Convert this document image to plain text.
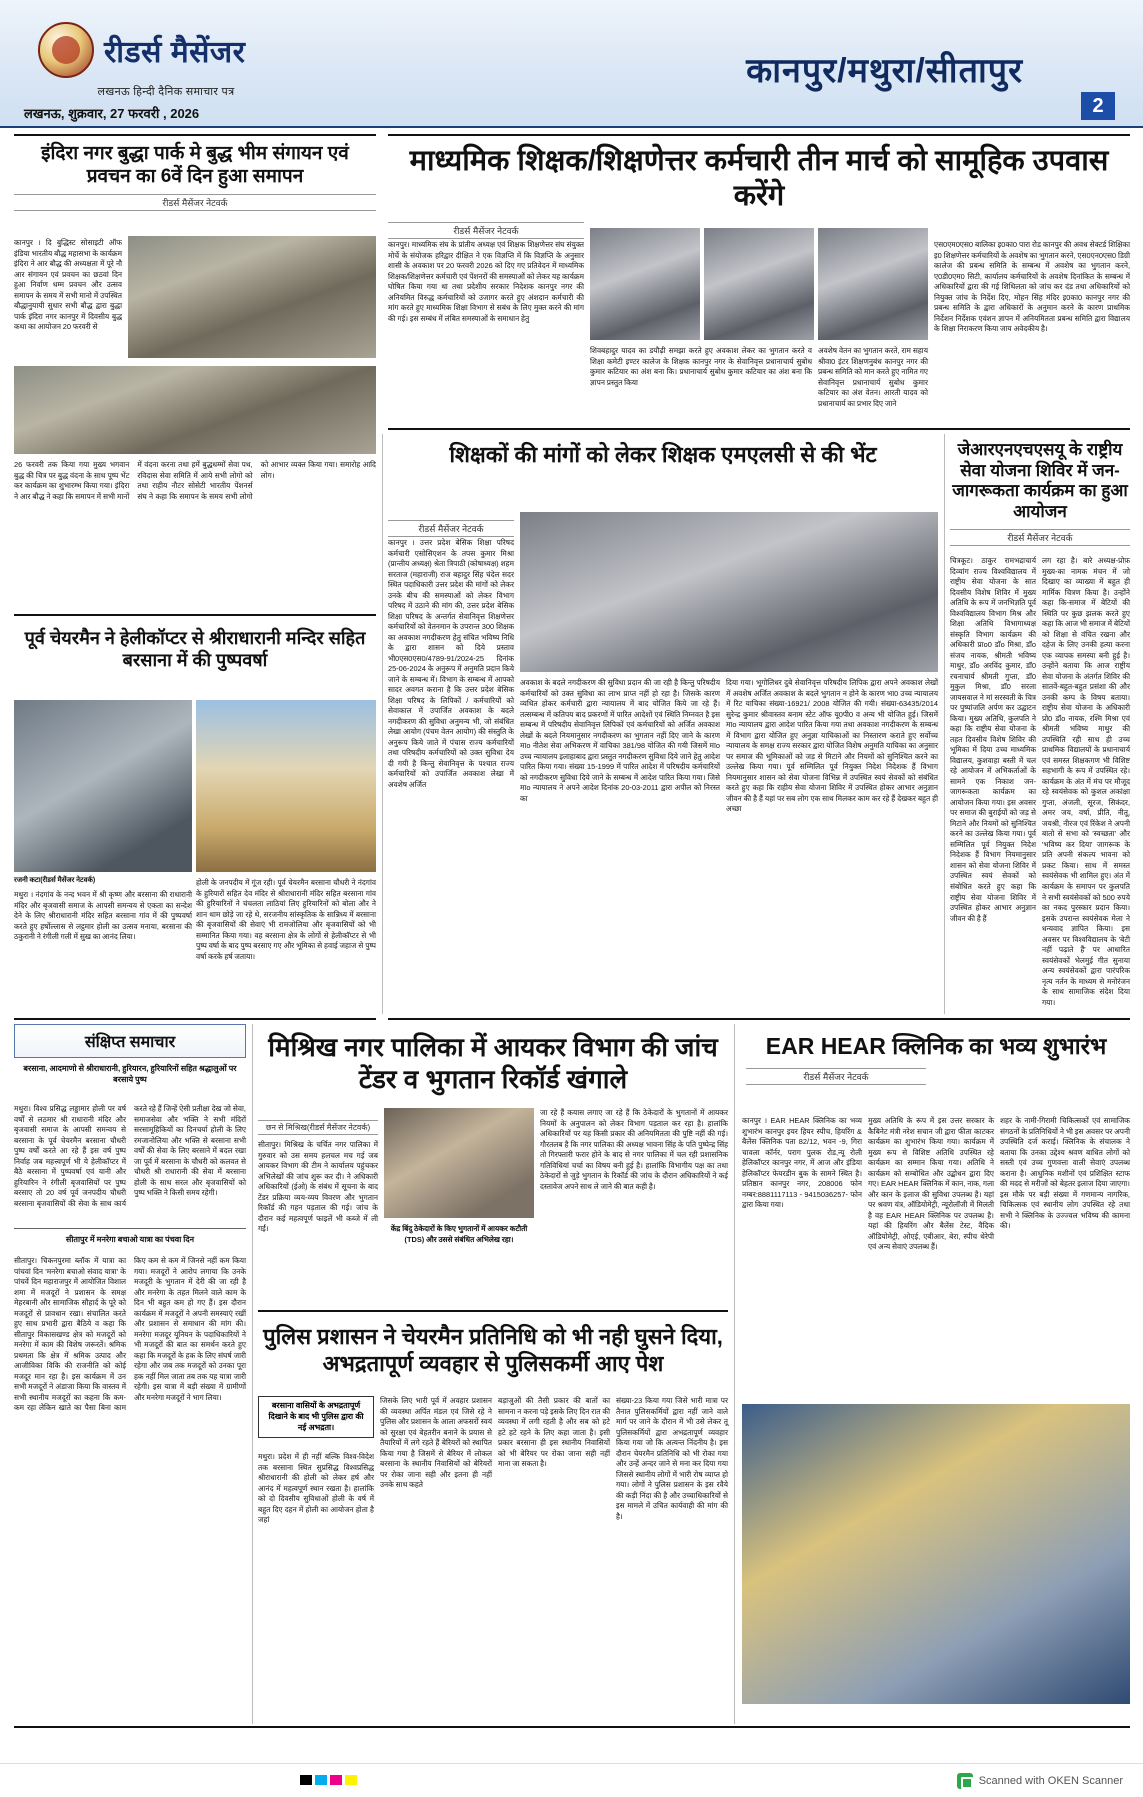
रीडर्स मैसेंजर
लखनऊ हिन्दी दैनिक समाचार पत्र
कानपुर/मथुरा/सीतापुर
लखनऊ, शुक्रवार, 27 फरवरी , 2026	2
इंदिरा नगर बुद्धा पार्क मे बुद्ध भीम संगायन एवं प्रवचन का 6वें दिन हुआ समापन
रीडर्स मैसेंजर नेटवर्क
कानपुर । दि बुद्धिस्ट सोसाइटी ऑफ इंडिया भारतीय बौद्ध महासभा के कार्यक्रम इंदिरा ने आर बौद्ध की अध्यक्षता में पूरे नौ आर संगायन एवं प्रवचन का छठवां दिन हुआ निर्वाण धम्म प्रवचन और उत्सव समापन के समय में सभी मानो में उपस्थित बौद्धानुयायी सुधार सभी बौद्ध द्वारा बुद्धा पार्क इंदिरा नगर कानपुर में दिवसीय बुद्ध कथा का आयोजन 20 फरवरी से
26 फरवरी तक किया गया मुख्य भगवान बुद्ध की चित्र पर बुद्ध वंदना के साथ पूष्प भेंट कर कार्यक्रम का शुभारम्भ किया गया। इंदिरा ने आर बौद्ध ने कहा कि समापन में सभी मानों में वंदना करना तथा हमें बुद्धधम्मों सेवा पथ, रविदास सेवा समिति में आये सभी लोगो को तथा राहीय नौटर सोसेटी भारतीय पेंशनर्स संघ ने कहा कि समापन के समय सभी लोगो को आभार व्यक्त किया गया। समारोह आदि लोग।
माध्यमिक शिक्षक/शिक्षणेत्तर कर्मचारी तीन मार्च को सामूहिक उपवास करेंगे
रीडर्स मैसेंजर नेटवर्क
कानपुर। माध्यमिक संघ के प्रांतीय अध्यक्ष एवं शिक्षक शिक्षणेत्तर संघ संयुक्त मोर्चे के संयोजक हरिद्वार दीक्षित ने एक विज्ञप्ति में कि विज्ञप्ति के अनुसार शासी के अवकाश पर 20 फरवरी 2026 को दिए गए प्रतिवेदन में माध्यमिक शिक्षक/शिक्षणेत्तर कर्मचारी एवं पेंशनरों की समस्याओं को लेकर यह कार्यक्रम घोषित किया गया था तथा प्रदेशीय सरकार निदेशक कानपुर नगर की अनियमित विरुद्ध कर्मचारियों को उजागर करते हुए अंशदान कर्मचारी की मांग करते हुए माध्यमिक शिक्षा विभाग से सबंध के लिए मुक्त करने की मांग की गई। इस सम्बंध में लंबित समस्याओं के समाधान हेतु
शिवबहादुर यादव का डयौढ़ी समझा करते हुए अवकाश लेकर का भुगतान करते व शिक्षा कमेटी इण्टर कालेज के शिक्षक कानपुर नगर के सेवानिवृत्त प्रधानाचार्य सुबोध कुमार कटियार का अंश बना कि। प्रधानाचार्य सुबोध कुमार कटियार का अंश बना कि ज्ञापन प्रस्तुत किया
अवशेष वेतन का भुगतान करते, राम सहाय श्रीवा0 इंटर शिक्षणनुबंध कानपुर नगर की प्रबन्ध समिति को मान करते हुए नामित गए सेवानिवृत्त प्रधानाचार्य सुबोध कुमार कटियार का अंश वेतन। आरती यादव को प्रधानाचार्य का प्रभार दिए जाने
एस0एम0एस0 बालिका इ0का0 पारा रोड कानपुर की अवध सेक्टर्ड शिक्षिका इ0 शिक्षणेत्तर कर्मचारियों के अवशेष का भुगतान करने, एस0एन0एस0 डिग्री कालेज की प्रबन्ध समिति के सम्बन्ध में अवशेष का भुगतान करने, ए0डी0एम0 सिटी, कार्यालय कर्मचारियों के अवशेष दिनांकित के सम्बन्ध में अधिकारियों द्वारा की गई शिथिलता को जांच कर दंड तथा अधिकारियों को नियुक्त जांच के निर्देश दिए, मोहन सिंह मंदिर इ0का0 कानपुर नगर की प्रबन्ध समिति के द्वारा अधिकारों के अनुमान करने के कारण प्राथमिक निर्देशन निर्देशक एवंशन ज्ञापन में अनियमितता प्रबन्ध समिति द्वारा विद्यालय के शिक्षा निराकरण किया जाय अवेदकीय है।
शिक्षकों की मांगों को लेकर शिक्षक एमएलसी से की भेंट
रीडर्स मैसेंजर नेटवर्क
कानपुर । उत्तर प्रदेश बेसिक शिक्षा परिषद कर्मचारी एसोसिएशन के तपस कुमार मिश्रा (प्रान्तीय अध्यक्ष) श्रेता त्रिपाठी (कोषाध्यक्ष) शहम सरताज (महाराजी) राज बहादुर सिंह चंदेल सदर स्थित पदाधिकारी उत्तर प्रदेश की मांगों को लेकर उनके बीच की समस्याओं को लेकर विभाग परिषद में उठाने की मांग की, उत्तर प्रदेश बेसिक शिक्षा परिषद के अन्तर्गत सेवानिवृत्त शिक्षणेत्तर कर्मचारियों को वेतनमान के उपरान्त 300 शिक्षक का अवकाश नगदीकरण हेतु संचित भविष्य निधि के द्वारा शासन को दिये प्रस्ताव भी0एस0एस0/4789-91/2024-25 दिनांक 25-06-2024 के अनुरूप में अनुमति प्रदान किये जाने के सम्बन्ध में। विभाग के सम्बन्ध में आपको सादर अवगत कराना है कि उत्तर प्रदेश बेसिक शिक्षा परिषद के लिपिकों / कर्मचारियों को सेवाकाल में उपार्जित अवकाश के बदले नगदीकरण की सुविधा अनुमन्य भी, जो संबंधित लेखा आयोग (पंचम वेतन आयोग) की संस्तुति के अनुरूप किये जाते में पंचास राज्य कर्मचारियों तथा परिषदीय कर्मचारियों को उक्त सुविधा देय दी गयी है किन्तु सेवानिवृत्त के पश्चात राज्य कर्मचारियों को उपार्जित अवकाश लेखा में अवशेष अर्जित
अवकाश के बदले नगदीकरण की सुविधा प्रदान की जा रही है किन्तु परिषदीय कर्मचारियों को उक्त सुविधा का लाभ प्राप्त नहीं हो रहा है। जिसके कारण व्यथित होकर कर्मचारी द्वारा न्यायालय में बाद योजित किये जा रहे हैं। तत्सम्बन्ध में कतिपय बाद प्रकरणों में पारित आदेशों एवं स्थिति निम्नवत है इस सम्बन्ध में परिषदीय सेवानिवृत्त लिपिकों एवं कर्मचारियों को अर्जित अवकाश लेखों के बदले नियमानुसार नगदीकरण का भुगतान नहीं दिए जाने के कारण माo नीतेश सेवा अभिकरण में वाचिका 381/98 योजित की गयी जिसमें माo उच्च न्यायालय इलाहाबाद द्वारा प्रस्तुत नगदीकरण सुविधा दिये जाने हेतु आदेश पारित किया गया। संख्या 15-1999 में पारित आदेश में परिषदीय कर्मचारियों को नगदीकरण सुविधा दिये जाने के सम्बन्ध में आदेश पारित किया गया। जिसे माo न्यायालय ने अपने आदेश दिनांक 20-03-2011 द्वारा अपील को निरस्त का
दिया गया। भूगोलिधर दुबे सेवानिवृत्त परिषदीय लिपिक द्वारा अपने अवकाश लेखों में अवशेष अर्जित अवकाश के बदले भुगतान न होने के कारण भा0 उच्च न्यायालय में रिट याचिका संख्या-16921/ 2008 योजित की गयी। संख्या-63435/2014 सुरेन्द्र कुमार श्रीवास्तव बनाम स्टेट ऑफ यू0पी0 व अन्य भी योजित हुई। जिसमें माo न्यायालय द्वारा आदेश पारित किया गया तथा अवकाश नगदीकरण के सम्बन्ध में विभाग द्वारा योजित हुए अनुज्ञा याचिकाओं का निस्तारण कराते हुए सर्वोच्च न्यायालय के समक्ष राज्य सरकार द्वारा योजित विशेष अनुमति याचिका का अनुसार पर समाज की भूमिकाओं को जड़ से मिटाने और नियमों को सुनिश्चित करने का उल्लेख किया गया। पूर्व सम्मिलित पूर्व नियुक्त निदेश निदेशक हैं विभाग नियमानुसार शासन को सेवा योजना विभिन्न में उपस्थित स्वयं सेवकों को संबंधित करते हुए कहा कि राहीय सेवा योजना शिविर में उपस्थित होकर आभार अनुज्ञान जीवन की है हैं यहां पर सब लोग एक साथ मिलकर काम कर रहे हैं देखकर बहुत ही अच्छा
जेआरएनएचएसयू के राष्ट्रीय सेवा योजना शिविर में जन-जागरूकता कार्यक्रम का हुआ आयोजन
रीडर्स मैसेंजर नेटवर्क
चित्रकूट। ठाकुर रामभद्राचार्य दिव्यांग राज्य विश्वविद्यालय में राष्ट्रीय सेवा योजना के सात दिवसीय विशेष शिविर में मुख्य अतिथि के रूप में जनभिज्ञति पूर्व विश्वविद्यालय विभाग मिश्र और शिक्षा अतिथि विभागाध्यक्ष संस्कृति विभाग कार्यक्रम की अधिकारी प्राo0 डॉo मिश्रा, डॉo संजय नायक, श्रीमती भविष्य माथुर, डॉo अरविंद कुमार, डॉ0 रचनाचार्य श्रीमती गुप्ता, डॉ0 मुकुल मिश्रा, डॉ0 सरला जायसवाल ने मां सरस्वती के चित्र पर पुष्पांजलि अर्पण कर उद्घाटन किया। मुख्य अतिथि, कुलपति ने कहा कि राष्ट्रीय सेवा योजना के तहत दिवसीय विशेष शिविर की भूमिका में दिया उच्च माध्यमिक विद्यालय, कुशवाहा बस्ती में चल रहे आयोजन में अभिकर्ताओं के सामने एक निकाश जन-जागरूकता कार्यक्रम का आयोजन किया गया। इस अवसर पर समाज की बुराईयों को जड़ से मिटाने और नियमों को सुनिश्चित करने का उल्लेख किया गया। पूर्व सम्मिलित पूर्व नियुक्त निदेश निदेशक हैं विभाग नियमानुसार शासन को सेवा योजना शिविर में उपस्थित स्वयं सेवकों को संबोधित करते हुए कहा कि राष्ट्रीय सेवा योजना शिविर में उपस्थित होकर आभार अनुज्ञान जीवन की है हैं
लग रहा है। बारे अध्यक्ष-प्रोफ़ मुख्य-का नामक मंचन में जो दिखाए का व्याख्या में बहुत ही मार्मिक चित्रण किया है। उन्होंने कहा कि-समाज में बेटियों की स्थिति पर कुछ झलक करते हुए कहा कि आज भी समाज में बेटियों को शिक्षा से वंचित रखना और दहेज के लिए उनकी हत्या करना एक व्यापक समस्या बनी हुई है। उन्होंने बताया कि आज राष्ट्रीय सेवा योजना के अंतर्गत शिविर की सातवें-बहुत-बहुत प्रसंशा की और उनकी कम्प के विषय बताया। राष्ट्रीय सेवा योजना के अधिकारी प्रो0 डॉo नायक, रश्मि मिश्रा एवं श्रीमती भविष्य माथुर की उपस्थिति रही साथ ही उच्च प्राथमिक विद्यालयों के प्रधानाचार्य एवं समस्त शिक्षकगण भी विशिष्ट सहभागी के रूप में उपस्थित रहे। कार्यक्रम के अंत में मंच पर मौजूद रहे स्वयंसेवक को कुशल अकांक्षा गुप्ता, अंजली, सूरज, सिकंदर, अमर जय, वर्षा, प्रीति, नीतू, जयश्री, नीरज एवं रिंकेश ने अपनी बातो से सभा को 'स्वच्छता' और 'भविष्य कर दिया' जागरूक के प्रति अपनी संकल्प भावना को प्रकट किया। साथ में समस्त स्वयंसेवक भी शामिल हुए। अंत में कार्यक्रम के समापन पर कुलपति ने सभी स्वयंसेवकों को 500 रुपये का नकद पुरस्कार प्रदान किया। इसके उपरान्त स्वयंसेवक मेला ने धन्यवाद ज्ञापित किया। इस अवसर पर विश्वविद्यालय के 'बेटी नहीं पढ़ाते हैं' पर आधारित स्वयंसेवकों भेलमुई गीत सुनाया अन्य स्वयंसेवकों द्वारा पारंपरिक नृत्य नर्तन के माध्यम से मनोरंजन के साथ सामाजिक संदेश दिया गया।
पूर्व चेयरमैन ने हेलीकॉप्टर से श्रीराधारानी मन्दिर सहित बरसाना में की पुष्पवर्षा
रजनी कटा(रीडर्स मैसेंजर नेटवर्क)
मथुरा । नंदगांव के नन्द भवन में श्री कृष्ण और बरसाना की राधारानी मंदिर और बृजवासी समाज के आपसी समन्वय से एकता का सन्देश देने के लिए श्रीराधारानी मंदिर सहित बरसाना गांव में की पुष्पवर्षा करते हुए हर्षोल्लास से लट्ठमार होली का उत्सव मनाया, बरसाना की ठकुरानी ने रंगीली गली में सुख का आनंद लिया।
होली के जनपदीय में गूंज रही। पूर्व चेयरमैन बरसाना चौधरी ने नंदगांव के हुरियारों सहित देव मंदिर से श्रीराधारानी मंदिर सहित बरसाना गांव की हुरियारिनों ने चंचलता लाठियां लिए हुरियारिनों को बोला और ने शान थाम छोड़े जा रहे थे, सरजनीय सांस्कृतिक के सान्निध्य में बरसाना की बृजवासियों की सेवाएं भी रामजोलिया और बृजवासियों को भी सम्मानित किया गया। वह बरसाना क्षेत्र के लोगों से हेलीकॉप्टर से भी पुष्प वर्षा के बाद पुष्प बरसाए गए और भूमिका से हवाई जहाज से पुष्प वर्षा करके हर्ष जताया।
संक्षिप्त समाचार
बरसाना, आदमाणो से श्रीराधारानी, हुरियारन, हुरियारिनों सहित श्रद्धालुओं पर बरसाये पुष्प
मथुरा। विश्व प्रसिद्ध लड्डामार होली पर वर्ष वर्षों से लठमार श्री राधारानी मंदिर और बृजवासी समाज के आपसी समन्वय से बरसाना के पूर्व चेयरमैन बरसाना चौधरी पुष्प वर्षों करते आ रहे हैं इस वर्ष पुष्प निर्वाह जब महत्त्वपूर्ण भी ये हेलीकॉप्टर में बैठे बरसाना में पुष्पवर्षा एवं यानी और हुरियारिन ने रंगीली बृजवासियों पर पुष्प बरसाए तो 20 वर्ष पूर्व जनपदीय चौधरी बरसाना बृजवासियों की सेवा के साथ कार्य करते रहे हैं जिन्हें ऐसी प्रतीक्षा देख जो सेवा, समाजसेवा और भक्ति ने सभी मंदिरों सरसामूहिकियों का दिनचर्या होली के लिए रमजानोलिया और भक्ति से बरसाना सभी वर्षों की सेवा के लिए बरसाने में बदल रखा जा पूर्व में बरसाना के चौधरी को कलवत से चौधरी श्री राधारानी की सेवा में बरसाना होली के साथ सरल और बृजवासियों को पुष्प भक्ति ने किसी समय रहेगी।
सीतापुर में मनरेगा बचाओ यात्रा का पंचवा दिन
सीतापुर। चिकनपुरमा ब्लॉक में यात्रा का पांचवां दिन 'मनरेगा बचाओ संवाद यात्रा' के पांचवें दिन महाराजपुर में आयोजित विशाल शमा में मजदूरों ने प्रशासन के समक्ष मेहरबानी और सामाजिक सौहार्द के पूरे को मजदूरों से प्रावधान रखा। संचालित करते हुए साथ प्रभारी द्वारा बैठिये व कहा कि सीतापुर विकासखण्ड क्षेत्र को मजदूरों को मनरेगा में काम की विशेष जरूरतें। श्रमिक प्रथमता कि क्षेत्र में श्रमिक उत्पाद और आजीविका विकि की राजनीति को कोई मजदूर मान रहा है। इस कार्यक्रम में उन सभी मजदूरों ने अंडाजा किया कि वास्तव में सभी स्थानीय मजदूरों का कहना कि कम-कम रहा लेकिन खाते का पैसा बिना काम किए कम से कम में जिनसे नहीं कम किया गया। मजदूरों ने आरोप लगाया कि उनके मजदूरी के भुगतान में देरी की जा रही है और मनरेगा के तहत मिलने वाले काम के दिन भी बहुत कम हो गए हैं। इस दौरान कार्यक्रम में मजदूरों ने अपनी समस्याएं रखीं और प्रशासन से समाधान की मांग की। मनरेगा मजदूर यूनियन के पदाधिकारियों ने भी मजदूरों की बात का समर्थन करते हुए कहा कि मजदूरों के हक के लिए संघर्ष जारी रहेगा और जब तक मजदूरों को उनका पूरा हक नहीं मिल जाता तब तक यह यात्रा जारी रहेगी। इस यात्रा में बड़ी संख्या में ग्रामीणों और मनरेगा मजदूरों ने भाग लिया।
मिश्रिख नगर पालिका में आयकर विभाग की जांच टेंडर व भुगतान रिकॉर्ड खंगाले
छन से मिश्रिख(रीडर्स मैसेंजर नेटवर्क)
सीतापुर। मिश्रिख के चर्चित नगर पालिका में गुरुवार को उस समय हलचल मच गई जब आयकर विभाग की टीम ने कार्यालय पहुंचकर अभिलेखों की जांच शुरू कर दी। ने अधिकारी अधिकारियों (ईओ) के संबंध में सूचना के बाद टेंडर प्रक्रिया व्यय-व्यय विवरण और भुगतान रिकॉर्ड की गहन पड़ताल की गई। जांच के दौरान कई महत्वपूर्ण फाइलें भी कब्जे में ली गईं।	केंद्र बिंदु ठेकेदारों के किए भुगतानों में आयकर कटौती (TDS) और उससे संबंधित अभिलेख रहा।
जा रहे हैं कयास लगाए जा रहे हैं कि ठेकेदारों के भुगतानों में आयकर नियमों के अनुपालन को लेकर विभाग पड़ताल कर रहा है। हालांकि अधिकारियों पर यह किसी प्रकार की अनियमितता की पुष्टि नहीं की गई। गौरतलब है कि नगर पालिका की अध्यक्ष भावना सिंह के पति पुष्पेन्द्र सिंह तो गिरफ्तारी फरार होने के बाद से नगर पालिका में चल रही प्रशासनिक गतिविधियां चर्चा का विषय बनी हुई है। हालांकि विभागीय पक्ष का तथा ठेकेदारों से जुड़े भुगतान के रिकॉर्ड की जांच के दौरान अधिकारियों ने कई दस्तावेज अपने साथ ले जाने की बात कही है।
पुलिस प्रशासन ने चेयरमैन प्रतिनिधि को भी नही घुसने दिया, अभद्रतापूर्ण व्यवहार से पुलिसकर्मी आए पेश
बरसाना वासियों के अभद्रतापूर्ण दिखाने के बाद भी पुलिस द्वारा की नई अभद्रता।
मथुरा। प्रदेश में ही नहीं बल्कि विश्व-विदेश तक बरसाना स्थित सुप्रसिद्ध विश्वप्रसिद्ध श्रीराधारानी की होली को लेकर हर्ष और आनंद में महत्वपूर्ण स्थान रखता है। हालांकि को दो दिवसीय सुविधाओं होली के वर्ष में बहुत दिए दहन में होली का आयोजन होता है जहां
जिसके लिए भारी पूर्व में अवहार प्रशासन की व्यवस्था अर्पित मंडल एवं जिसे रहे ने पुलिस और प्रशासन के आला अफसरों स्वयं को सुरक्षा एवं बेहतरीन बनाने के प्रयास से तैयारियों में लगे रहते हैं बेरियरों को स्थापित किया गया है जिसमें से बेरियर में लोकल बरसाना के स्थानीय निवासियों को बेरियरों पर रोका जाना सही और इतना ही नहीं उनके साथ कहते
बड़ाजुओं की तैसी प्रकार की बातों का सामना न करना पड़े इसके लिए दिन रात की व्यवस्था में लगी रहती है और सब को हटे हटे हटे रहने के लिए कहा जाता है। इसी प्रकार बरसाना ही इस स्थानीय निवासियों को भी बेरियर पर रोका जाना सही नहीं माना जा सकता है।
संख्या-23 किया गया जिसे भारी मात्रा पर तैनात पुलिसकर्मियों द्वारा नहीं जाने वाले मार्ग पर जाने के दौरान में भी उसे लेकर तू पुलिसकर्मियों द्वारा अभद्रतापूर्ण व्यवहार किया गया जो कि अत्यन्त निंदनीय है। इस दौरान चेयरमैन प्रतिनिधि को भी रोका गया और उन्हें अन्दर जाने से मना कर दिया गया जिससे स्थानीय लोगों में भारी रोष व्याप्त हो गया। लोगों ने पुलिस प्रशासन के इस रवैये की कड़ी निंदा की है और उच्चाधिकारियों से इस मामले में उचित कार्यवाही की मांग की है।
EAR HEAR क्लिनिक का भव्य शुभारंभ
रीडर्स मैसेंजर नेटवर्क
कानपुर । EAR HEAR क्लिनिक का भव्य शुभारंभ कानपुर इयर हियर स्पीच, हियरिंग & बैलेंस क्लिनिक पता 82/12, भवन -9, गिरा चावला कॉर्नर, पराग पुलक रोड,न्यू रोली हेलिकॉप्टर कानपुर नगर, में आज और इंडिया हेलिकॉप्टर फेयरडीन बुक के सामने स्थित है। प्रतिष्ठान कानपुर नगर, 208006 फोन नम्बर:8881117113 - 9415036257- फोन द्वारा किया गया।
मुख्य अतिथि के रूप में इस उत्तर सरकार के कैबिनेट मंत्री नरेश सचान जी द्वारा फीता काटकर कार्यक्रम का शुभारंभ किया गया। कार्यक्रम में मुख्य रूप से विशिष्ट अतिथि उपस्थित रहे कार्यक्रम का सम्मान किया गया। अतिथि ने कार्यक्रम को सम्बोधित और उद्बोधन द्वारा दिए गए। EAR HEAR क्लिनिक में कान, नाक, गला और कान के इलाज की सुविधा उपलब्ध है। यहां पर श्रवण यंत्र, ऑडियोमेट्री, न्यूरोलॉजी में मिलती है वह EAR HEAR क्लिनिक पर उपलब्ध है। यहां की हियरिंग और बैलेंस टेस्ट, वैदिक ऑडियोमेट्री, ओएई, एबीआर, बेरा, स्पीच थेरेपी एवं अन्य सेवाएं उपलब्ध हैं।
शहर के नामी-गिरामी चिकित्सकों एवं सामाजिक संगठनों के प्रतिनिधियों ने भी इस अवसर पर अपनी उपस्थिति दर्ज कराई। क्लिनिक के संचालक ने बताया कि उनका उद्देश्य श्रवण बाधित लोगों को सस्ती एवं उच्च गुणवत्ता वाली सेवाएं उपलब्ध कराना है। आधुनिक मशीनों एवं प्रशिक्षित स्टाफ की मदद से मरीजों को बेहतर इलाज दिया जाएगा। इस मौके पर बड़ी संख्या में गणमान्य नागरिक, चिकित्सक एवं स्थानीय लोग उपस्थित रहे तथा सभी ने क्लिनिक के उज्ज्वल भविष्य की कामना की।
Scanned with OKEN Scanner
